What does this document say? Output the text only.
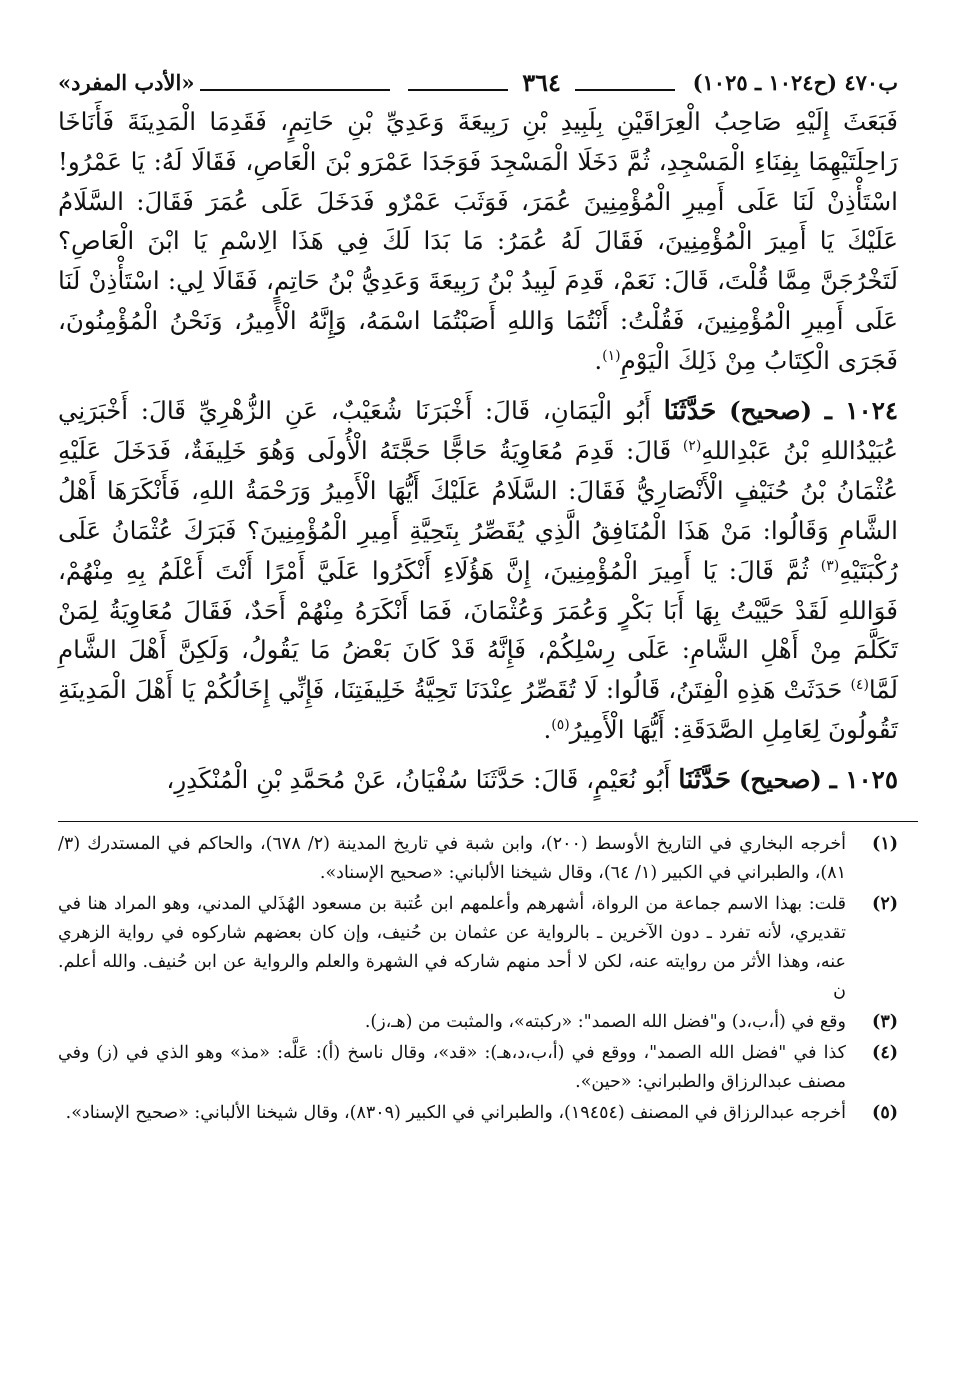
ب٤٧٠ (ح١٠٢٤ ـ ١٠٢٥)
٣٦٤
«الأدب المفرد»

فَبَعَثَ إِلَيْهِ صَاحِبُ الْعِرَاقَيْنِ بِلَبِيدِ بْنِ رَبِيعَةَ وَعَدِيِّ بْنِ حَاتِمٍ، فَقَدِمَا الْمَدِينَةَ فَأَنَاخَا رَاحِلَتَيْهِمَا بِفِنَاءِ الْمَسْجِدِ، ثُمَّ دَخَلَا الْمَسْجِدَ فَوَجَدَا عَمْرَو بْنَ الْعَاصِ، فَقَالَا لَهُ: يَا عَمْرُو! اسْتَأْذِنْ لَنَا عَلَى أَمِيرِ الْمُؤْمِنِينَ عُمَرَ، فَوَثَبَ عَمْرٌو فَدَخَلَ عَلَى عُمَرَ فَقَالَ: السَّلَامُ عَلَيْكَ يَا أَمِيرَ الْمُؤْمِنِينَ، فَقَالَ لَهُ عُمَرُ: مَا بَدَا لَكَ فِي هَذَا الِاسْمِ يَا ابْنَ الْعَاصِ؟ لَتَخْرُجَنَّ مِمَّا قُلْتَ، قَالَ: نَعَمْ، قَدِمَ لَبِيدُ بْنُ رَبِيعَةَ وَعَدِيُّ بْنُ حَاتِمٍ، فَقَالَا لِي: اسْتَأْذِنْ لَنَا عَلَى أَمِيرِ الْمُؤْمِنِينَ، فَقُلْتُ: أَنْتُمَا وَاللهِ أَصَبْتُمَا اسْمَهُ، وَإِنَّهُ الْأَمِيرُ، وَنَحْنُ الْمُؤْمِنُونَ، فَجَرَى الْكِتَابُ مِنْ ذَلِكَ الْيَوْمِ$^{(١)}$.

١٠٢٤ ـ (صحيح) حَدَّثَنَا أَبُو الْيَمَانِ، قَالَ: أَخْبَرَنَا شُعَيْبٌ، عَنِ الزُّهْرِيِّ قَالَ: أَخْبَرَنِي عُبَيْدُاللهِ بْنُ عَبْدِاللهِ$^{(٢)}$ قَالَ: قَدِمَ مُعَاوِيَةُ حَاجًّا حَجَّتَهُ الْأُولَى وَهُوَ خَلِيفَةٌ، فَدَخَلَ عَلَيْهِ عُثْمَانُ بْنُ حُنَيْفٍ الْأَنْصَارِيُّ فَقَالَ: السَّلَامُ عَلَيْكَ أَيُّهَا الْأَمِيرُ وَرَحْمَةُ اللهِ، فَأَنْكَرَهَا أَهْلُ الشَّامِ وَقَالُوا: مَنْ هَذَا الْمُنَافِقُ الَّذِي يُقَصِّرُ بِتَحِيَّةِ أَمِيرِ الْمُؤْمِنِينَ؟ فَبَرَكَ عُثْمَانُ عَلَى رُكْبَتَيْهِ$^{(٣)}$ ثُمَّ قَالَ: يَا أَمِيرَ الْمُؤْمِنِينَ، إِنَّ هَؤُلَاءِ أَنْكَرُوا عَلَيَّ أَمْرًا أَنْتَ أَعْلَمُ بِهِ مِنْهُمْ، فَوَاللهِ لَقَدْ حَيَّيْتُ بِهَا أَبَا بَكْرٍ وَعُمَرَ وَعُثْمَانَ، فَمَا أَنْكَرَهُ مِنْهُمْ أَحَدٌ، فَقَالَ مُعَاوِيَةُ لِمَنْ تَكَلَّمَ مِنْ أَهْلِ الشَّامِ: عَلَى رِسْلِكُمْ، فَإِنَّهُ قَدْ كَانَ بَعْضُ مَا يَقُولُ، وَلَكِنَّ أَهْلَ الشَّامِ لَمَّا$^{(٤)}$ حَدَثَتْ هَذِهِ الْفِتَنُ، قَالُوا: لَا تُقَصِّرُ عِنْدَنَا تَحِيَّةُ خَلِيفَتِنَا، فَإِنِّي إِخَالُكُمْ يَا أَهْلَ الْمَدِينَةِ تَقُولُونَ لِعَامِلِ الصَّدَقَةِ: أَيُّهَا الْأَمِيرُ$^{(٥)}$.

١٠٢٥ ـ (صحيح) حَدَّثَنَا أَبُو نُعَيْمٍ، قَالَ: حَدَّثَنَا سُفْيَانُ، عَنْ مُحَمَّدِ بْنِ الْمُنْكَدِرِ،

(١)
أخرجه البخاري في التاريخ الأوسط (٢٠٠)، وابن شبة في تاريخ المدينة (٢/ ٦٧٨)، والحاكم في المستدرك (٣/ ٨١)، والطبراني في الكبير (١/ ٦٤)، وقال شيخنا الألباني: «صحيح الإسناد».
(٢)
قلت: بهذا الاسم جماعة من الرواة، أشهرهم وأعلمهم ابن عُتبة بن مسعود الهُذَلي المدني، وهو المراد هنا في تقديري، لأنه تفرد ـ دون الآخرين ـ بالرواية عن عثمان بن حُنيف، وإن كان بعضهم شاركوه في رواية الزهري عنه، وهذا الأثر من روايته عنه، لكن لا أحد منهم شاركه في الشهرة والعلم والرواية عن ابن حُنيف. والله أعلم. ن
(٣)
وقع في (أ،ب،د) و"فضل الله الصمد": «ركبته»، والمثبت من (هـ،ز).
(٤)
كذا في "فضل الله الصمد"، ووقع في (أ،ب،د،هـ): «قد»، وقال ناسخ (أ): عَلَّه: «مذ» وهو الذي في (ز) وفي مصنف عبدالرزاق والطبراني: «حين».
(٥)
أخرجه عبدالرزاق في المصنف (١٩٤٥٤)، والطبراني في الكبير (٨٣٠٩)، وقال شيخنا الألباني: «صحيح الإسناد».
